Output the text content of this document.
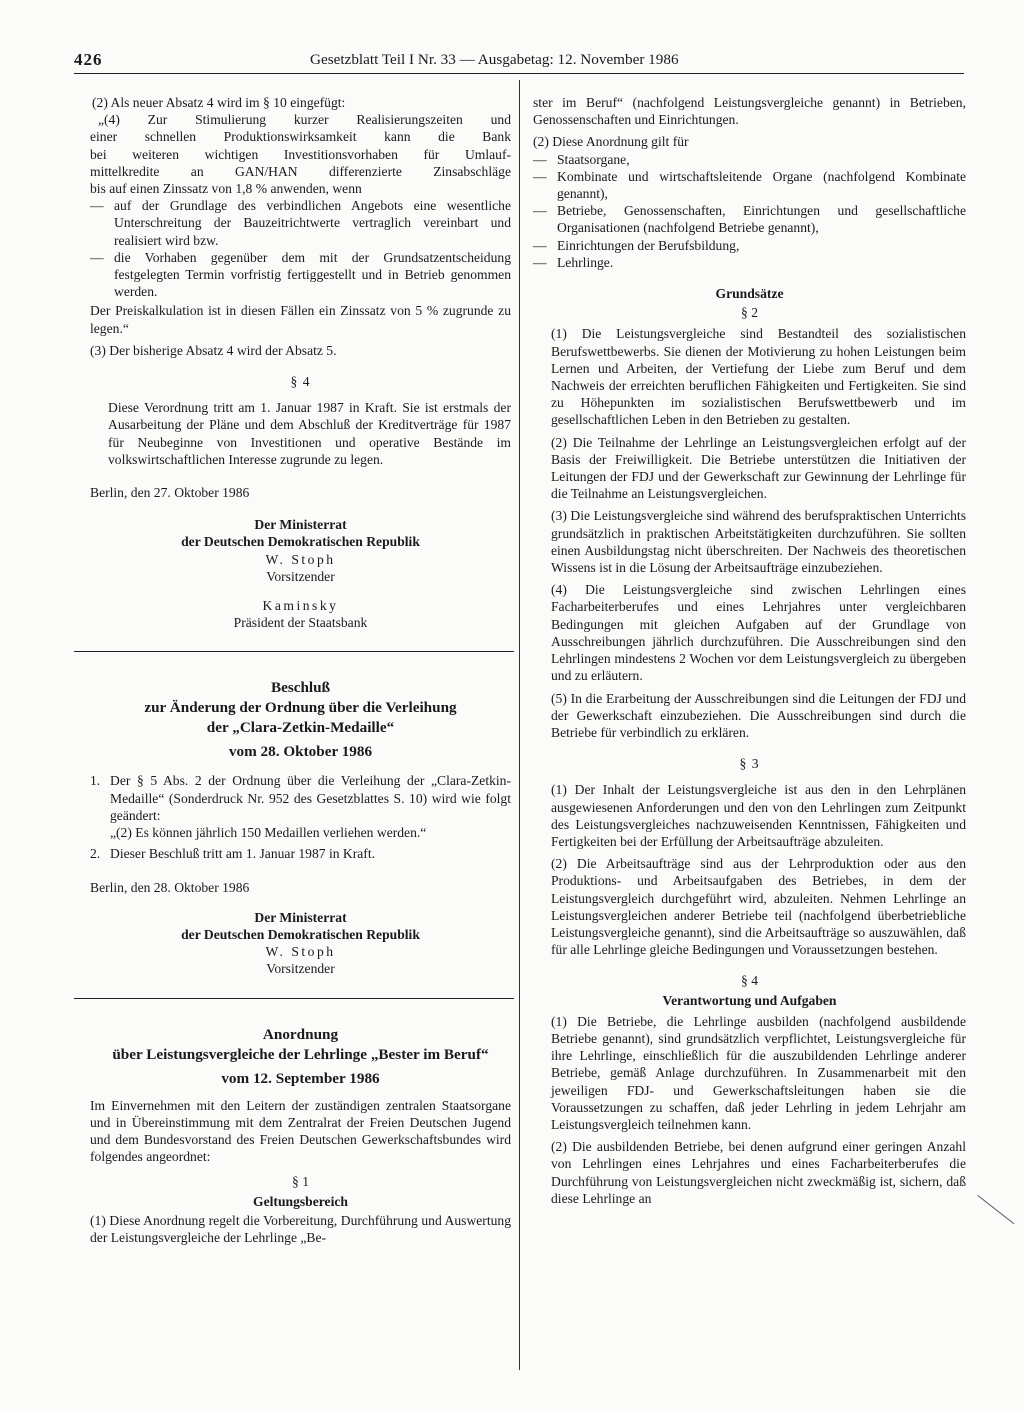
426	Gesetzblatt Teil I Nr. 33 — Ausgabetag: 12. November 1986

(2) Als neuer Absatz 4 wird im § 10 eingefügt:

„(4) Zur Stimulierung kurzer Realisierungszeiten und

einer schnellen Produktionswirksamkeit kann die Bank

bei weiteren wichtigen Investitionsvorhaben für Umlauf-

mittelkredite an GAN/HAN differenzierte Zinsabschläge

bis auf einen Zinssatz von 1,8 % anwenden, wenn

— auf der Grundlage des verbindlichen Angebots eine wesentliche Unterschreitung der Bauzeitrichtwerte vertraglich vereinbart und realisiert wird bzw.
— die Vorhaben gegenüber dem mit der Grundsatzentscheidung festgelegten Termin vorfristig fertiggestellt und in Betrieb genommen werden.

Der Preiskalkulation ist in diesen Fällen ein Zinssatz von 5 % zugrunde zu legen.“

(3) Der bisherige Absatz 4 wird der Absatz 5.

§ 4

Diese Verordnung tritt am 1. Januar 1987 in Kraft. Sie ist erstmals der Ausarbeitung der Pläne und dem Abschluß der Kreditverträge für 1987 für Neubeginne von Investitionen und operative Bestände im volkswirtschaftlichen Interesse zugrunde zu legen.

Berlin, den 27. Oktober 1986

Der Ministerrat

der Deutschen Demokratischen Republik

W. Stoph

Vorsitzender

Kaminsky

Präsident der Staatsbank

Beschluß

zur Änderung der Ordnung über die Verleihung

der „Clara-Zetkin-Medaille“

vom 28. Oktober 1986

1. Der § 5 Abs. 2 der Ordnung über die Verleihung der „Clara-Zetkin-Medaille“ (Sonderdruck Nr. 952 des Gesetzblattes S. 10) wird wie folgt geändert:

„(2) Es können jährlich 150 Medaillen verliehen werden.“

2. Dieser Beschluß tritt am 1. Januar 1987 in Kraft.

Berlin, den 28. Oktober 1986

Der Ministerrat

der Deutschen Demokratischen Republik

W. Stoph

Vorsitzender

Anordnung

über Leistungsvergleiche der Lehrlinge „Bester im Beruf“

vom 12. September 1986

Im Einvernehmen mit den Leitern der zuständigen zentralen Staatsorgane und in Übereinstimmung mit dem Zentralrat der Freien Deutschen Jugend und dem Bundesvorstand des Freien Deutschen Gewerkschaftsbundes wird folgendes angeordnet:

§ 1

Geltungsbereich

(1) Diese Anordnung regelt die Vorbereitung, Durchführung und Auswertung der Leistungsvergleiche der Lehrlinge „Be-

ster im Beruf“ (nachfolgend Leistungsvergleiche genannt) in Betrieben, Genossenschaften und Einrichtungen.

(2) Diese Anordnung gilt für

— Staatsorgane,
— Kombinate und wirtschaftsleitende Organe (nachfolgend Kombinate genannt),
— Betriebe, Genossenschaften, Einrichtungen und gesellschaftliche Organisationen (nachfolgend Betriebe genannt),
— Einrichtungen der Berufsbildung,
— Lehrlinge.

Grundsätze

§ 2

(1) Die Leistungsvergleiche sind Bestandteil des sozialistischen Berufswettbewerbs. Sie dienen der Motivierung zu hohen Leistungen beim Lernen und Arbeiten, der Vertiefung der Liebe zum Beruf und dem Nachweis der erreichten beruflichen Fähigkeiten und Fertigkeiten. Sie sind zu Höhepunkten im sozialistischen Berufswettbewerb und im gesellschaftlichen Leben in den Betrieben zu gestalten.

(2) Die Teilnahme der Lehrlinge an Leistungsvergleichen erfolgt auf der Basis der Freiwilligkeit. Die Betriebe unterstützen die Initiativen der Leitungen der FDJ und der Gewerkschaft zur Gewinnung der Lehrlinge für die Teilnahme an Leistungsvergleichen.

(3) Die Leistungsvergleiche sind während des berufspraktischen Unterrichts grundsätzlich in praktischen Arbeitstätigkeiten durchzuführen. Sie sollten einen Ausbildungstag nicht überschreiten. Der Nachweis des theoretischen Wissens ist in die Lösung der Arbeitsaufträge einzubeziehen.

(4) Die Leistungsvergleiche sind zwischen Lehrlingen eines Facharbeiterberufes und eines Lehrjahres unter vergleichbaren Bedingungen mit gleichen Aufgaben auf der Grundlage von Ausschreibungen jährlich durchzuführen. Die Ausschreibungen sind den Lehrlingen mindestens 2 Wochen vor dem Leistungsvergleich zu übergeben und zu erläutern.

(5) In die Erarbeitung der Ausschreibungen sind die Leitungen der FDJ und der Gewerkschaft einzubeziehen. Die Ausschreibungen sind durch die Betriebe für verbindlich zu erklären.

§ 3

(1) Der Inhalt der Leistungsvergleiche ist aus den in den Lehrplänen ausgewiesenen Anforderungen und den von den Lehrlingen zum Zeitpunkt des Leistungsvergleiches nachzuweisenden Kenntnissen, Fähigkeiten und Fertigkeiten bei der Erfüllung der Arbeitsaufträge abzuleiten.

(2) Die Arbeitsaufträge sind aus der Lehrproduktion oder aus den Produktions- und Arbeitsaufgaben des Betriebes, in dem der Leistungsvergleich durchgeführt wird, abzuleiten. Nehmen Lehrlinge an Leistungsvergleichen anderer Betriebe teil (nachfolgend überbetriebliche Leistungsvergleiche genannt), sind die Arbeitsaufträge so auszuwählen, daß für alle Lehrlinge gleiche Bedingungen und Voraussetzungen bestehen.

§ 4

Verantwortung und Aufgaben

(1) Die Betriebe, die Lehrlinge ausbilden (nachfolgend ausbildende Betriebe genannt), sind grundsätzlich verpflichtet, Leistungsvergleiche für ihre Lehrlinge, einschließlich für die auszubildenden Lehrlinge anderer Betriebe, gemäß Anlage durchzuführen. In Zusammenarbeit mit den jeweiligen FDJ- und Gewerkschaftsleitungen haben sie die Voraussetzungen zu schaffen, daß jeder Lehrling in jedem Lehrjahr am Leistungsvergleich teilnehmen kann.

(2) Die ausbildenden Betriebe, bei denen aufgrund einer geringen Anzahl von Lehrlingen eines Lehrjahres und eines Facharbeiterberufes die Durchführung von Leistungsvergleichen nicht zweckmäßig ist, sichern, daß diese Lehrlinge an
